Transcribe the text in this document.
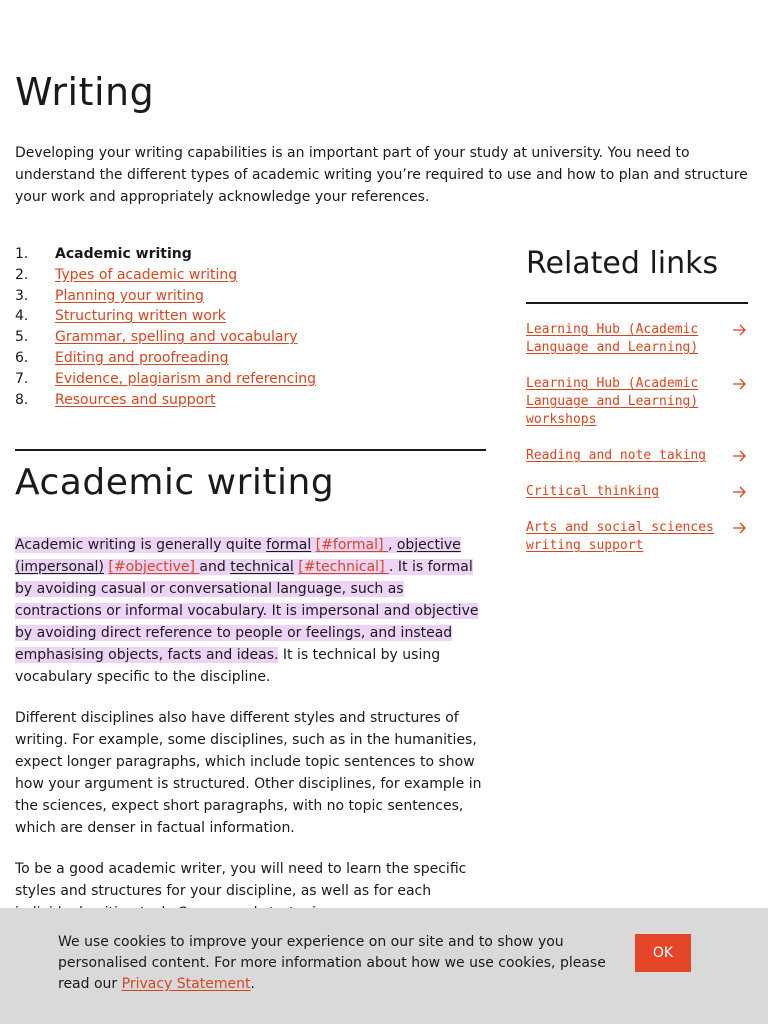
Writing

Developing your writing capabilities is an important part of your study at university. You need to understand the different types of academic writing you’re required to use and how to plan and structure your work and appropriately acknowledge your references.

1.	Academic writing
2.	Types of academic writing
3.	Planning your writing
4.	Structuring written work
5.	Grammar, spelling and vocabulary
6.	Editing and proofreading
7.	Evidence, plagiarism and referencing
8.	Resources and support
Academic writing

Academic writing is generally quite formal [#formal] , objective (impersonal) [#objective] and technical [#technical] . It is formal by avoiding casual or conversational language, such as contractions or informal vocabulary. It is impersonal and objective by avoiding direct reference to people or feelings, and instead emphasising objects, facts and ideas. It is technical by using vocabulary specific to the discipline.

Different disciplines also have different styles and structures of writing. For example, some disciplines, such as in the humanities, expect longer paragraphs, which include topic sentences to show how your argument is structured. Other disciplines, for example in the sciences, expect short paragraphs, with no topic sentences, which are denser in factual information.

To be a good academic writer, you will need to learn the specific styles and structures for your discipline, as well as for each

Related links
Learning Hub (Academic Language and Learning)
Learning Hub (Academic Language and Learning) workshops
Reading and note taking
Critical thinking
Arts and social sciences writing support

We use cookies to improve your experience on our site and to show you personalised content. For more information about how we use cookies, please read our Privacy Statement.

OK
